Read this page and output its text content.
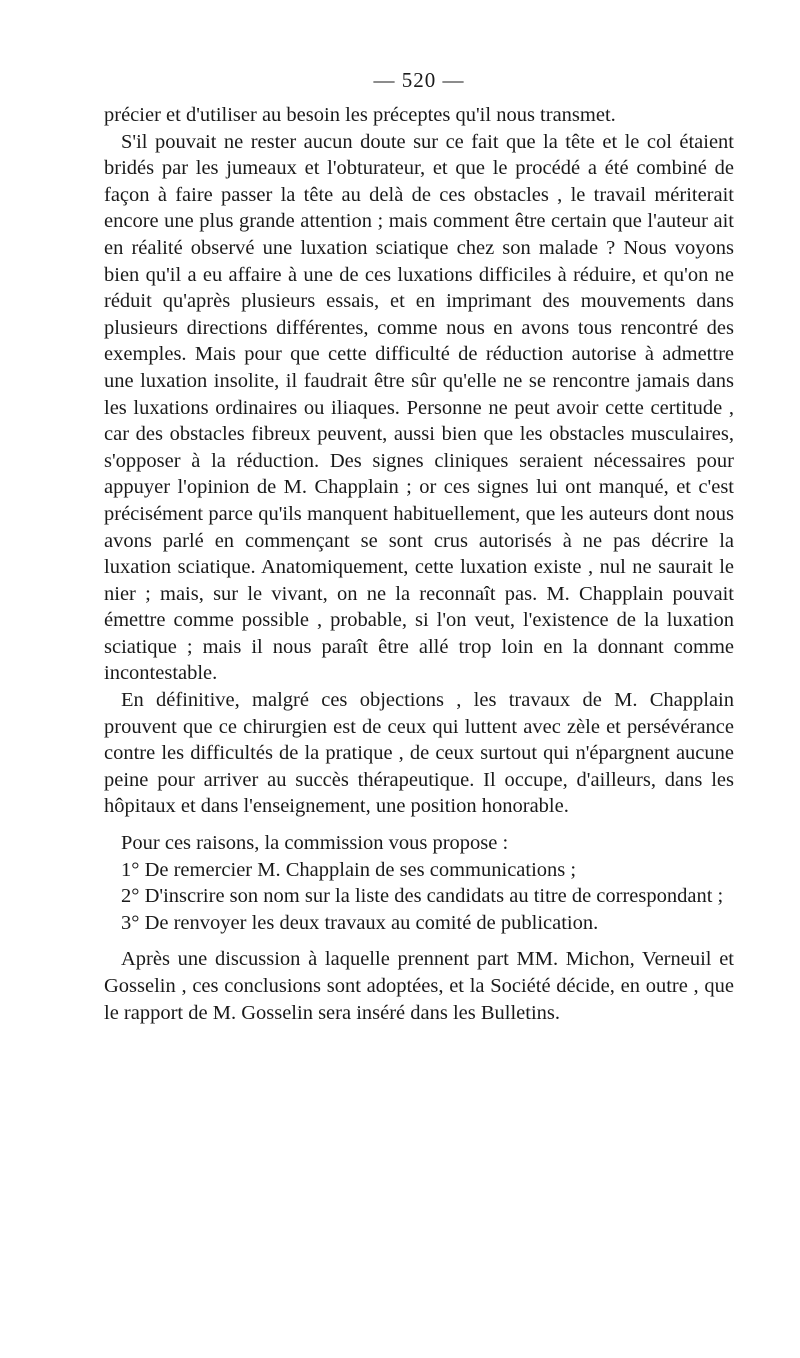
— 520 —

précier et d'utiliser au besoin les préceptes qu'il nous transmet.

S'il pouvait ne rester aucun doute sur ce fait que la tête et le col étaient bridés par les jumeaux et l'obturateur, et que le procédé a été combiné de façon à faire passer la tête au delà de ces obstacles , le travail mériterait encore une plus grande attention ; mais comment être certain que l'auteur ait en réalité observé une luxation sciatique chez son malade ? Nous voyons bien qu'il a eu affaire à une de ces luxations difficiles à réduire, et qu'on ne réduit qu'après plusieurs essais, et en imprimant des mouvements dans plusieurs directions différentes, comme nous en avons tous rencontré des exemples. Mais pour que cette difficulté de réduction autorise à admettre une luxation insolite, il faudrait être sûr qu'elle ne se rencontre jamais dans les luxations ordinaires ou iliaques. Personne ne peut avoir cette certitude , car des obstacles fibreux peuvent, aussi bien que les obstacles musculaires, s'opposer à la réduction. Des signes cliniques seraient nécessaires pour appuyer l'opinion de M. Chapplain ; or ces signes lui ont manqué, et c'est précisément parce qu'ils manquent habituellement, que les auteurs dont nous avons parlé en commençant se sont crus autorisés à ne pas décrire la luxation sciatique. Anatomiquement, cette luxation existe , nul ne saurait le nier ; mais, sur le vivant, on ne la reconnaît pas. M. Chapplain pouvait émettre comme possible , probable, si l'on veut, l'existence de la luxation sciatique ; mais il nous paraît être allé trop loin en la donnant comme incontestable.

En définitive, malgré ces objections , les travaux de M. Chapplain prouvent que ce chirurgien est de ceux qui luttent avec zèle et persévérance contre les difficultés de la pratique , de ceux surtout qui n'épargnent aucune peine pour arriver au succès thérapeutique. Il occupe, d'ailleurs, dans les hôpitaux et dans l'enseignement, une position honorable.

Pour ces raisons, la commission vous propose :

1° De remercier M. Chapplain de ses communications ;

2° D'inscrire son nom sur la liste des candidats au titre de correspondant ;

3° De renvoyer les deux travaux au comité de publication.

Après une discussion à laquelle prennent part MM. Michon, Verneuil et Gosselin , ces conclusions sont adoptées, et la Société décide, en outre , que le rapport de M. Gosselin sera inséré dans les Bulletins.
